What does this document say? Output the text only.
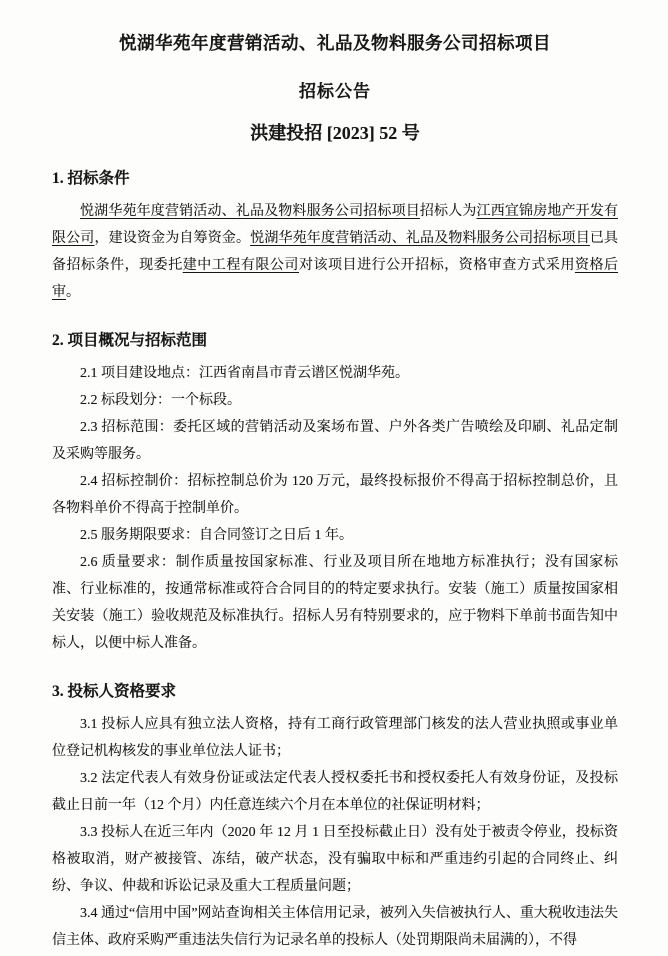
悦湖华苑年度营销活动、礼品及物料服务公司招标项目
招标公告
洪建投招 [2023] 52 号
1. 招标条件

悦湖华苑年度营销活动、礼品及物料服务公司招标项目招标人为江西宜锦房地产开发有限公司，建设资金为自筹资金。悦湖华苑年度营销活动、礼品及物料服务公司招标项目已具备招标条件，现委托建中工程有限公司对该项目进行公开招标，资格审查方式采用资格后审。

2. 项目概况与招标范围

2.1 项目建设地点：江西省南昌市青云谱区悦湖华苑。

2.2 标段划分：一个标段。

2.3 招标范围：委托区域的营销活动及案场布置、户外各类广告喷绘及印刷、礼品定制及采购等服务。

2.4 招标控制价：招标控制总价为 120 万元，最终投标报价不得高于招标控制总价，且各物料单价不得高于控制单价。

2.5 服务期限要求：自合同签订之日后 1 年。

2.6 质量要求：制作质量按国家标准、行业及项目所在地地方标准执行；没有国家标准、行业标准的，按通常标准或符合合同目的的特定要求执行。安装（施工）质量按国家相关安装（施工）验收规范及标准执行。招标人另有特别要求的，应于物料下单前书面告知中标人，以便中标人准备。

3. 投标人资格要求

3.1 投标人应具有独立法人资格，持有工商行政管理部门核发的法人营业执照或事业单位登记机构核发的事业单位法人证书；

3.2 法定代表人有效身份证或法定代表人授权委托书和授权委托人有效身份证，及投标截止日前一年（12 个月）内任意连续六个月在本单位的社保证明材料；

3.3 投标人在近三年内（2020 年 12 月 1 日至投标截止日）没有处于被责令停业，投标资格被取消，财产被接管、冻结，破产状态，没有骗取中标和严重违约引起的合同终止、纠纷、争议、仲裁和诉讼记录及重大工程质量问题；

3.4 通过“信用中国”网站查询相关主体信用记录，被列入失信被执行人、重大税收违法失信主体、政府采购严重违法失信行为记录名单的投标人（处罚期限尚未届满的），不得
